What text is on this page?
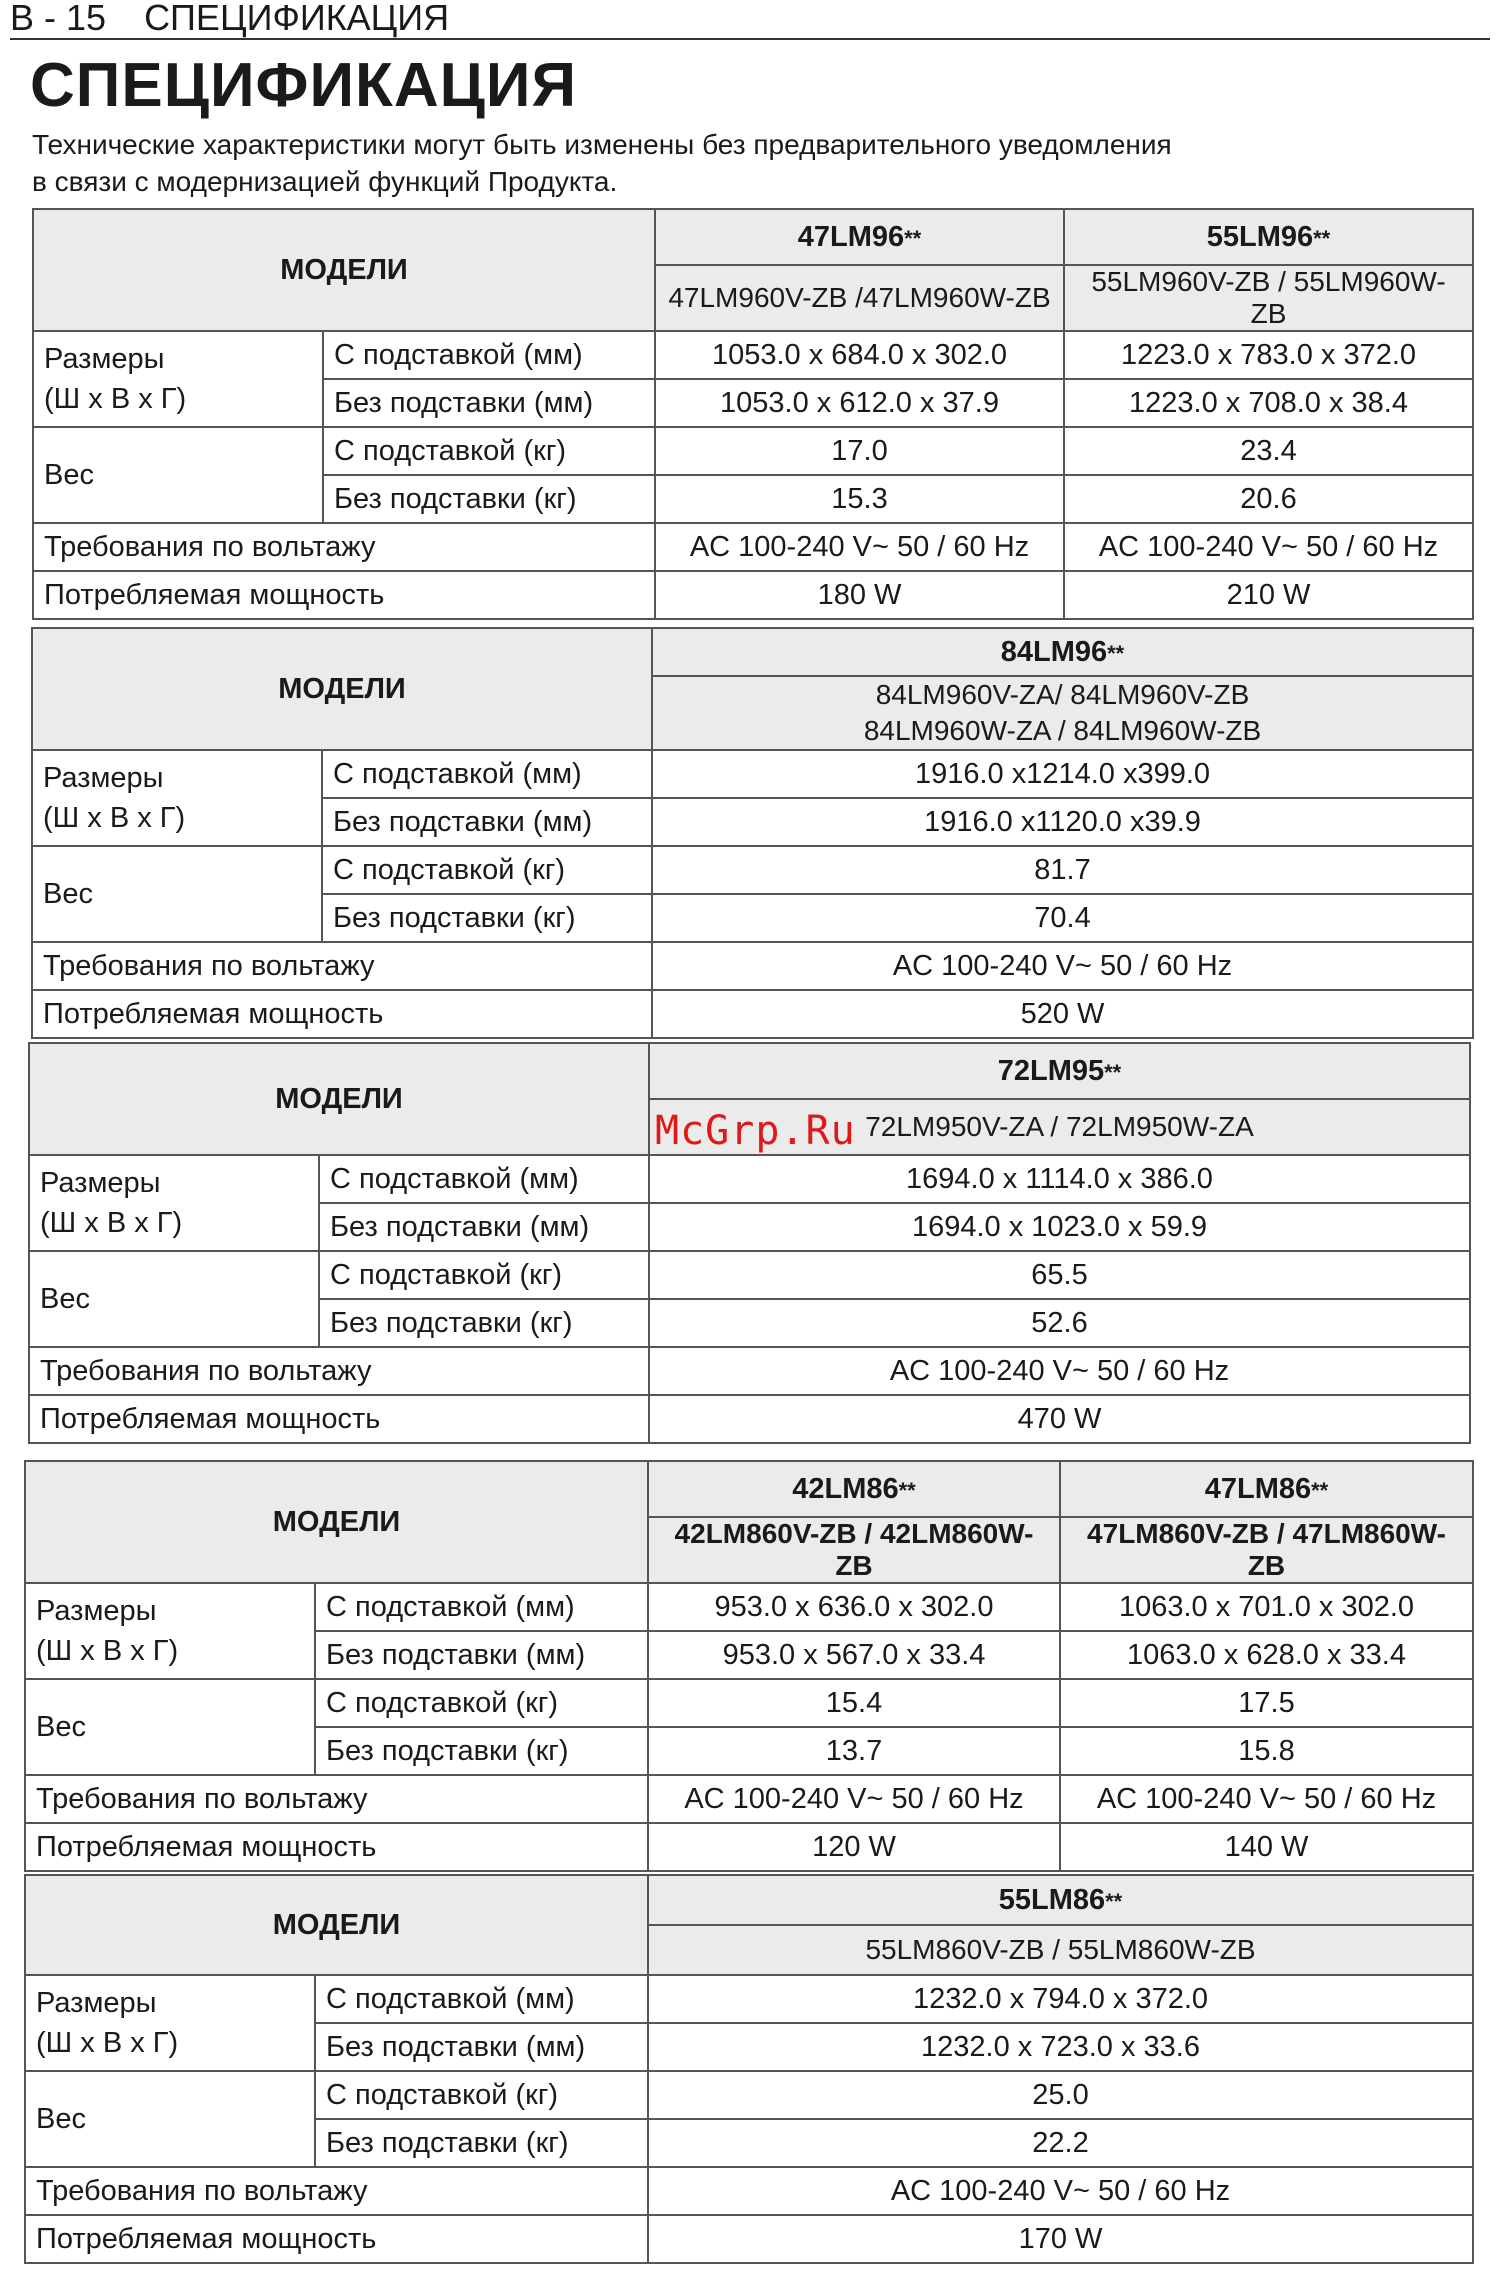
B - 15 СПЕЦИФИКАЦИЯ
СПЕЦИФИКАЦИЯ
Технические характеристики могут быть изменены без предварительного уведомления
в связи с модернизацией функций Продукта.
МОДЕЛИ		47LM96**	55LM96**
		47LM960V-ZB /47LM960W-ZB	55LM960V-ZB / 55LM960W-ZB

Размеры
(Ш x В x Г)	С подставкой (мм)	1053.0 x 684.0 x 302.0	1223.0 x 783.0 x 372.0
	Без подставки (мм)	1053.0 x 612.0 x 37.9	1223.0 x 708.0 x 38.4
Вес	С подставкой (кг)	17.0	23.4
	Без подставки (кг)	15.3	20.6
Требования по вольтажу		AC 100-240 V~ 50 / 60 Hz	AC 100-240 V~ 50 / 60 Hz
Потребляемая мощность		180 W	210 W
МОДЕЛИ		84LM96**

		84LM960V-ZA/ 84LM960V-ZB
84LM960W-ZA / 84LM960W-ZB

Размеры
(Ш x В x Г)	С подставкой (мм)	1916.0 x1214.0 x399.0
	Без подставки (мм)	1916.0 x1120.0 x39.9
Вес	С подставкой (кг)	81.7
	Без подставки (кг)	70.4
Требования по вольтажу		AC 100-240 V~ 50 / 60 Hz
Потребляемая мощность		520 W
МОДЕЛИ		72LM95**
		72LM950V-ZA / 72LM950W-ZA

Размеры
(Ш x В x Г)	С подставкой (мм)	1694.0 x 1114.0 x 386.0
	Без подставки (мм)	1694.0 x 1023.0 x 59.9
Вес	С подставкой (кг)	65.5
	Без подставки (кг)	52.6
Требования по вольтажу		AC 100-240 V~ 50 / 60 Hz
Потребляемая мощность		470 W
МОДЕЛИ		42LM86**	47LM86**
		42LM860V-ZB / 42LM860W-ZB	47LM860V-ZB / 47LM860W-ZB

Размеры
(Ш x В x Г)	С подставкой (мм)	953.0 x 636.0 x 302.0	1063.0 x 701.0 x 302.0
	Без подставки (мм)	953.0 x 567.0 x 33.4	1063.0 x 628.0 x 33.4
Вес	С подставкой (кг)	15.4	17.5
	Без подставки (кг)	13.7	15.8
Требования по вольтажу		AC 100-240 V~ 50 / 60 Hz	AC 100-240 V~ 50 / 60 Hz
Потребляемая мощность		120 W	140 W
МОДЕЛИ		55LM86**
		55LM860V-ZB / 55LM860W-ZB

Размеры
(Ш x В x Г)	С подставкой (мм)	1232.0 x 794.0 x 372.0
	Без подставки (мм)	1232.0 x 723.0 x 33.6
Вес	С подставкой (кг)	25.0
	Без подставки (кг)	22.2
Требования по вольтажу		AC 100-240 V~ 50 / 60 Hz
Потребляемая мощность		170 W
McGrp.Ru
